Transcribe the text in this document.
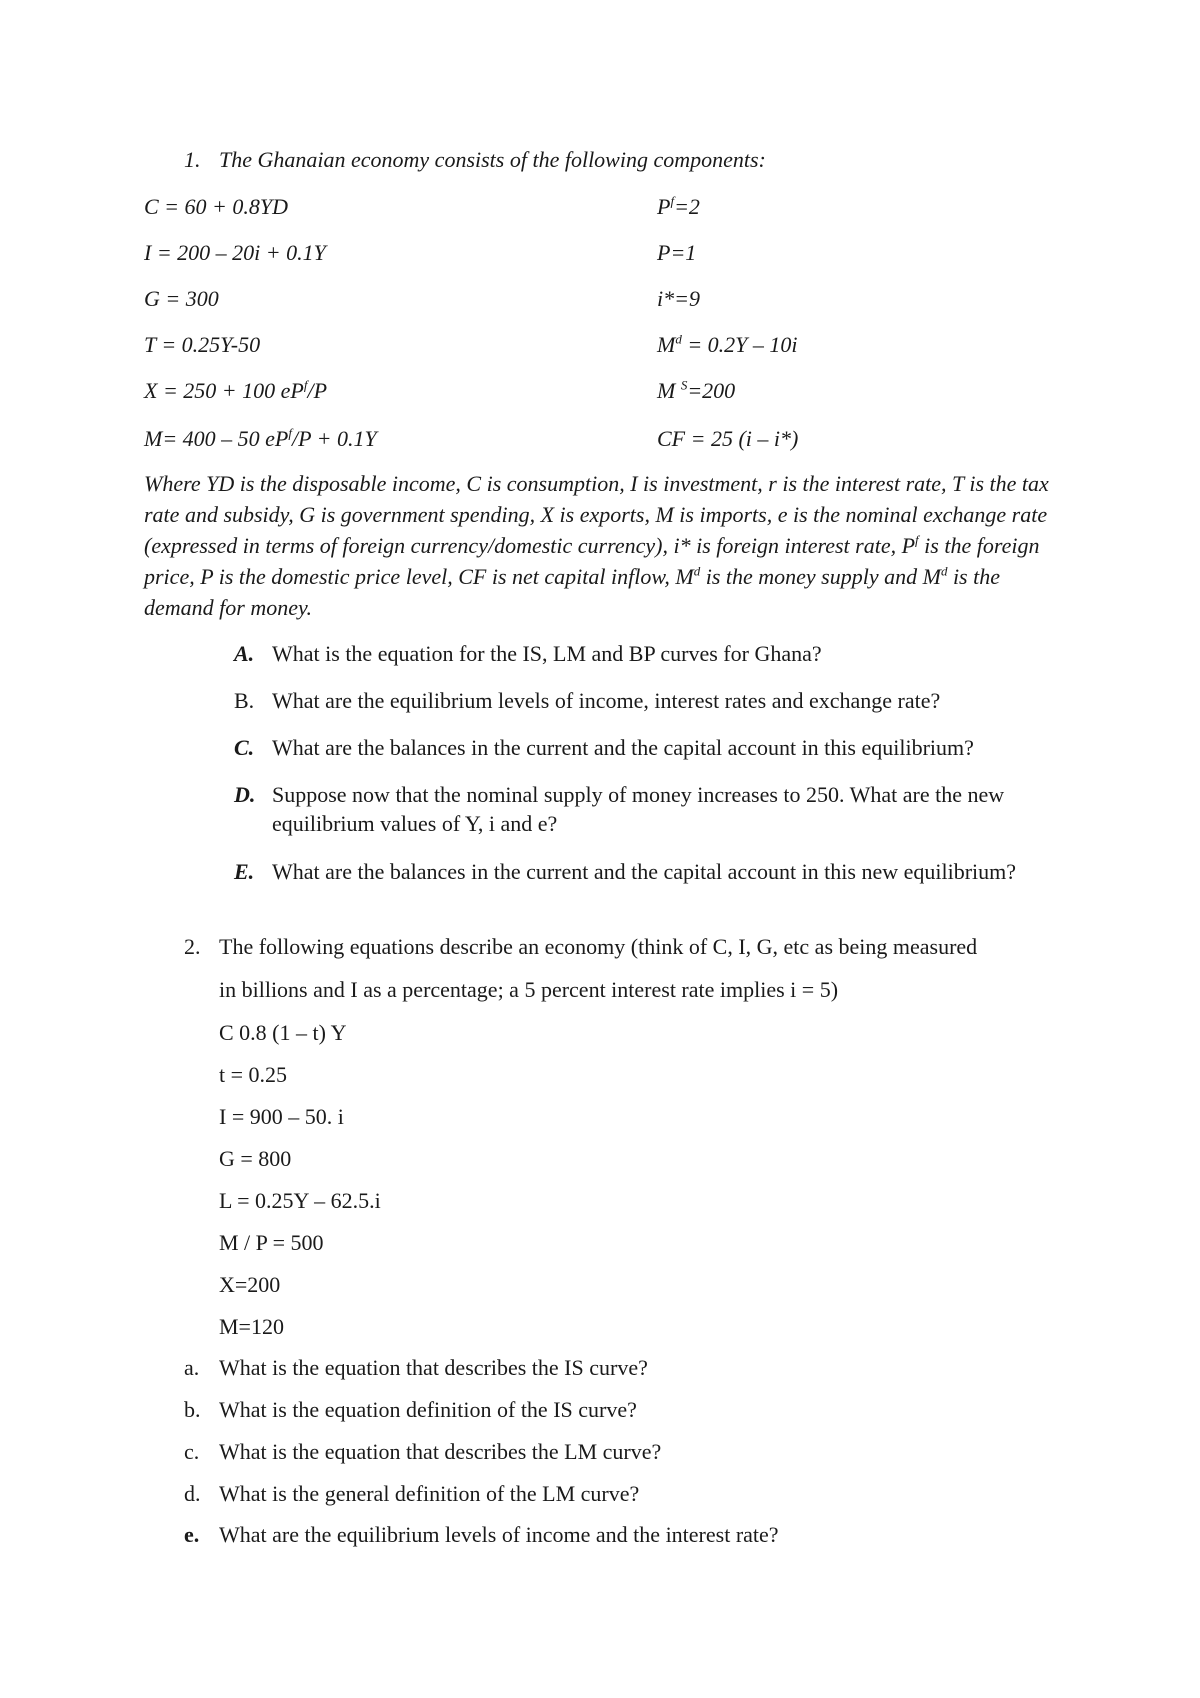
1. The Ghanaian economy consists of the following components:
C = 60 + 0.8YD
I = 200 – 20i + 0.1Y
G = 300
T = 0.25Y-50
X = 250 + 100 $eP^f/P$
M= 400 – 50 $eP^f/P + 0.1Y$
$P^f=2$
P=1
i*=9
$M^d = 0.2Y - 10i$
M $^S$=200
CF = 25 (i – i*)
Where YD is the disposable income, C is consumption, I is investment, r is the interest rate, T is the tax rate and subsidy, G is government spending, X is exports, M is imports, e is the nominal exchange rate (expressed in terms of foreign currency/domestic currency), i* is foreign interest rate, $P^f$ is the foreign price, P is the domestic price level, CF is net capital inflow, $M^d$ is the money supply and $M^d$ is the demand for money.
A. What is the equation for the IS, LM and BP curves for Ghana?
B. What are the equilibrium levels of income, interest rates and exchange rate?
C. What are the balances in the current and the capital account in this equilibrium?
D. Suppose now that the nominal supply of money increases to 250. What are the new equilibrium values of Y, i and e?
E. What are the balances in the current and the capital account in this new equilibrium?
2. The following equations describe an economy (think of C, I, G, etc as being measured
in billions and I as a percentage; a 5 percent interest rate implies i = 5)
C 0.8 (1 – t) Y
t = 0.25
I = 900 – 50. i
G = 800
L = 0.25Y – 62.5.i
M / P = 500
X=200
M=120
a. What is the equation that describes the IS curve?
b. What is the equation definition of the IS curve?
c. What is the equation that describes the LM curve?
d. What is the general definition of the LM curve?
e. What are the equilibrium levels of income and the interest rate?
